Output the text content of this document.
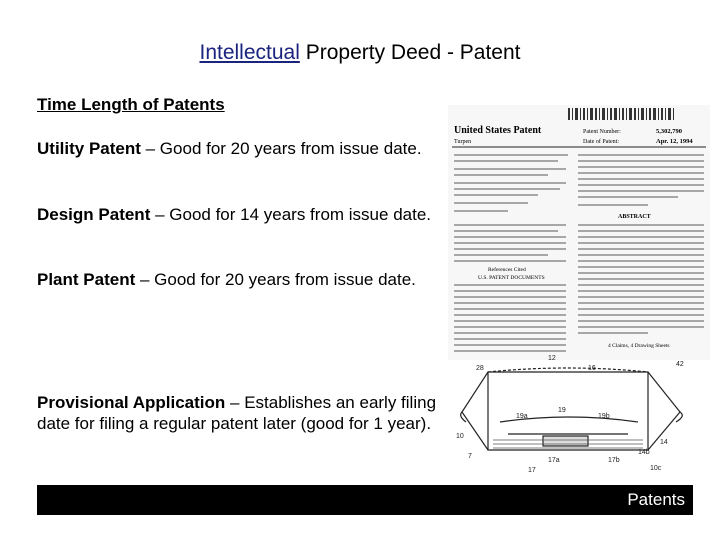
Intellectual Property Deed - Patent
Time Length of Patents
Utility Patent – Good for 20 years from issue date.
Design Patent – Good for 14 years from issue date.
Plant Patent – Good for 20 years from issue date.
Provisional Application – Establishes an early filing date for filing a regular patent later (good for 1 year).
United States Patent
Turpen
Patent Number:	5,302,790
Date of Patent:	Apr. 12, 1994
References Cited
U.S. PATENT DOCUMENTS
ABSTRACT
4 Claims, 4 Drawing Sheets
12
16
42
28
19a
19
19b
10
14
14b
17
17a	17b
7
10c
Patents
